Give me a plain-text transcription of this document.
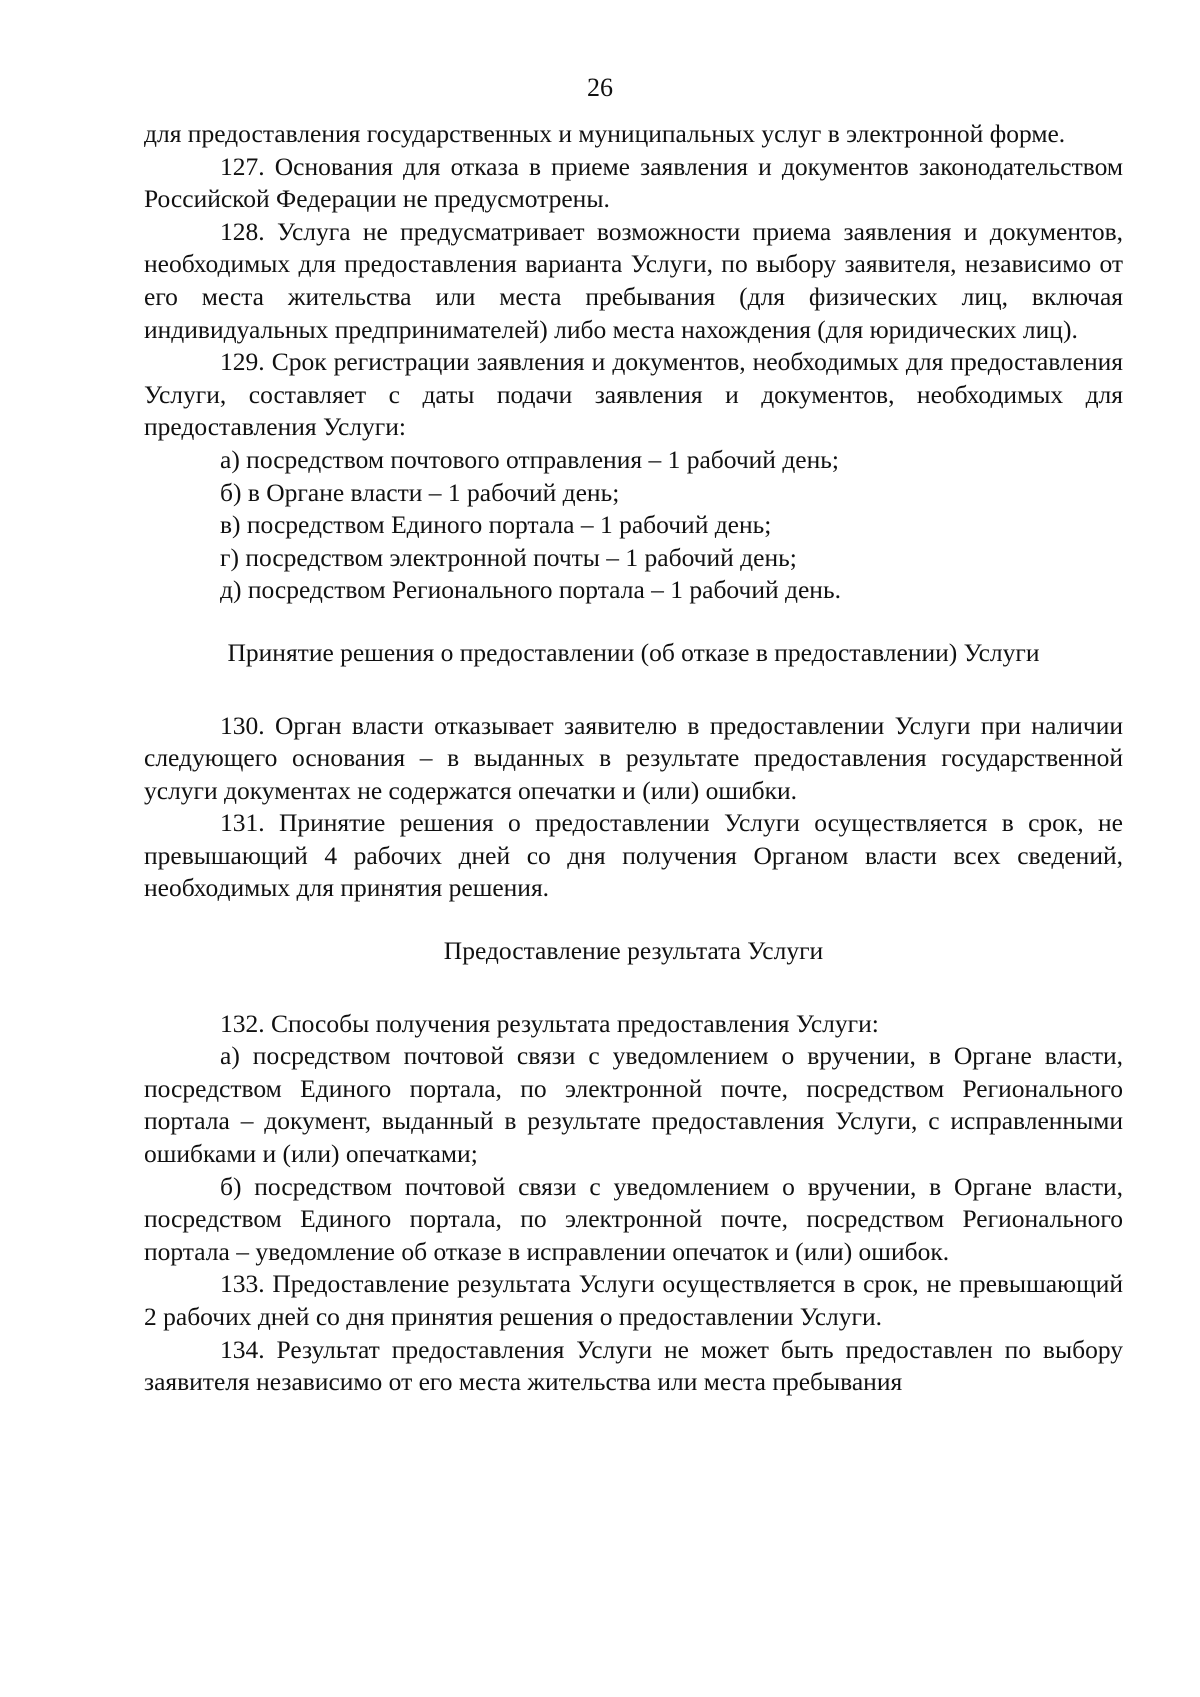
26

для предоставления государственных и муниципальных услуг в электронной форме.

127. Основания для отказа в приеме заявления и документов законодательством Российской Федерации не предусмотрены.

128. Услуга не предусматривает возможности приема заявления и документов, необходимых для предоставления варианта Услуги, по выбору заявителя, независимо от его места жительства или места пребывания (для физических лиц, включая индивидуальных предпринимателей) либо места нахождения (для юридических лиц).

129. Срок регистрации заявления и документов, необходимых для предоставления Услуги, составляет с даты подачи заявления и документов, необходимых для предоставления Услуги:

а) посредством почтового отправления – 1 рабочий день;

б) в Органе власти – 1 рабочий день;

в) посредством Единого портала – 1 рабочий день;

г) посредством электронной почты – 1 рабочий день;

д) посредством Регионального портала – 1 рабочий день.

Принятие решения о предоставлении (об отказе в предоставлении) Услуги

130. Орган власти отказывает заявителю в предоставлении Услуги при наличии следующего основания – в выданных в результате предоставления государственной услуги документах не содержатся опечатки и (или) ошибки.

131. Принятие решения о предоставлении Услуги осуществляется в срок, не превышающий 4 рабочих дней со дня получения Органом власти всех сведений, необходимых для принятия решения.

Предоставление результата Услуги

132. Способы получения результата предоставления Услуги:

а) посредством почтовой связи с уведомлением о вручении, в Органе власти, посредством Единого портала, по электронной почте, посредством Регионального портала – документ, выданный в результате предоставления Услуги, с исправленными ошибками и (или) опечатками;

б) посредством почтовой связи с уведомлением о вручении, в Органе власти, посредством Единого портала, по электронной почте, посредством Регионального портала – уведомление об отказе в исправлении опечаток и (или) ошибок.

133. Предоставление результата Услуги осуществляется в срок, не превышающий 2 рабочих дней со дня принятия решения о предоставлении Услуги.

134. Результат предоставления Услуги не может быть предоставлен по выбору заявителя независимо от его места жительства или места пребывания
